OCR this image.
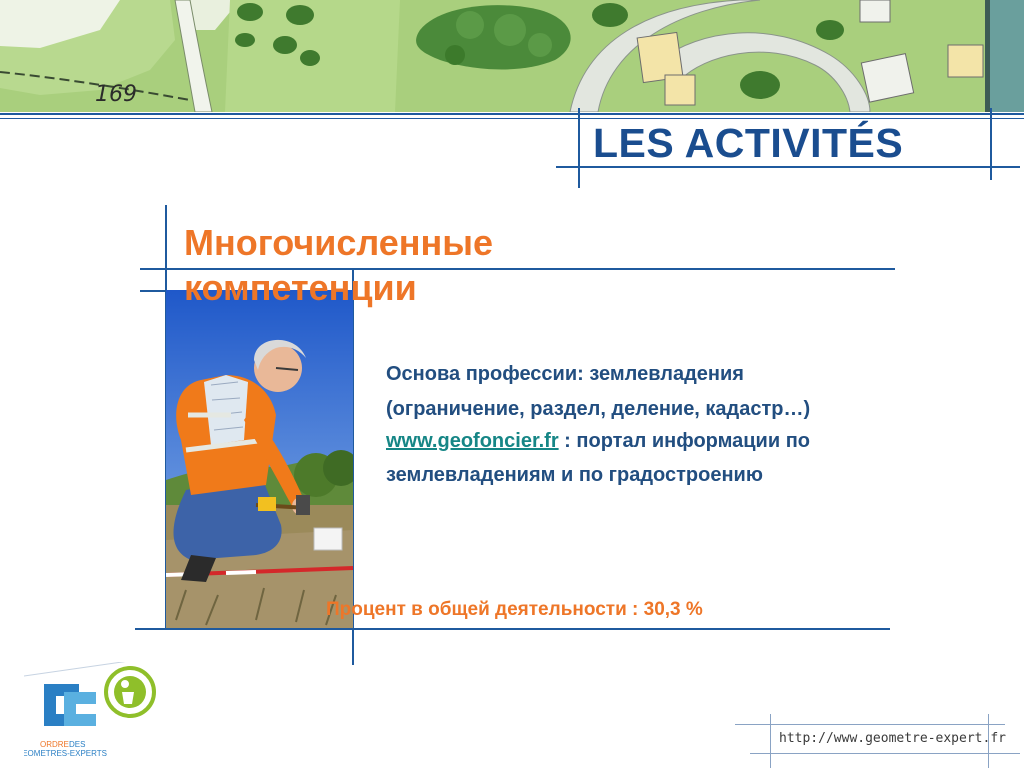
169
LES ACTIVITÉS
Многочисленные компетенции

Основа профессии: землевладения

(ограничение, раздел, деление, кадастр…)

www.geofoncier.fr : портал информации по землевладениям и по градостроению

Процент в общей деятельности : 30,3 %
Acteurs du Développement Durable
ORDRE DES
GEOMETRES-EXPERTS
http://www.geometre-expert.fr
